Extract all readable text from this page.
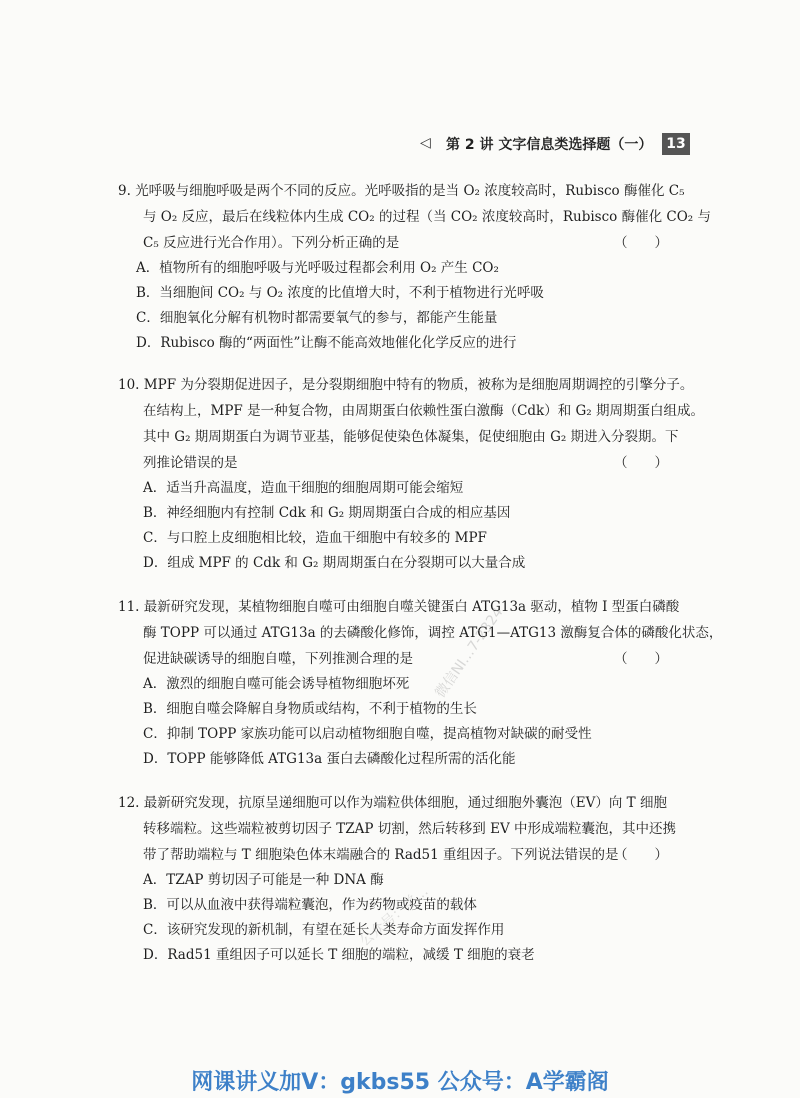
◁ 第 2 讲 文字信息类选择题（一） 13
9. 光呼吸与细胞呼吸是两个不同的反应。光呼吸指的是当 O₂ 浓度较高时，Rubisco 酶催化 C₅
与 O₂ 反应，最后在线粒体内生成 CO₂ 的过程（当 CO₂ 浓度较高时，Rubisco 酶催化 CO₂ 与
C₅ 反应进行光合作用）。下列分析正确的是	（　　）
A．植物所有的细胞呼吸与光呼吸过程都会利用 O₂ 产生 CO₂
B．当细胞间 CO₂ 与 O₂ 浓度的比值增大时，不利于植物进行光呼吸
C．细胞氧化分解有机物时都需要氧气的参与，都能产生能量
D．Rubisco 酶的“两面性”让酶不能高效地催化化学反应的进行
10. MPF 为分裂期促进因子，是分裂期细胞中特有的物质，被称为是细胞周期调控的引擎分子。
在结构上，MPF 是一种复合物，由周期蛋白依赖性蛋白激酶（Cdk）和 G₂ 期周期蛋白组成。
其中 G₂ 期周期蛋白为调节亚基，能够促使染色体凝集，促使细胞由 G₂ 期进入分裂期。下
列推论错误的是	（　　）
A．适当升高温度，造血干细胞的细胞周期可能会缩短
B．神经细胞内有控制 Cdk 和 G₂ 期周期蛋白合成的相应基因
C．与口腔上皮细胞相比较，造血干细胞中有较多的 MPF
D．组成 MPF 的 Cdk 和 G₂ 期周期蛋白在分裂期可以大量合成
11. 最新研究发现，某植物细胞自噬可由细胞自噬关键蛋白 ATG13a 驱动，植物 Ⅰ 型蛋白磷酸
酶 TOPP 可以通过 ATG13a 的去磷酸化修饰，调控 ATG1—ATG13 激酶复合体的磷酸化状态，
促进缺碳诱导的细胞自噬，下列推测合理的是	（　　）
A．激烈的细胞自噬可能会诱导植物细胞坏死
B．细胞自噬会降解自身物质或结构，不利于植物的生长
C．抑制 TOPP 家族功能可以启动植物细胞自噬，提高植物对缺碳的耐受性
D．TOPP 能够降低 ATG13a 蛋白去磷酸化过程所需的活化能
12. 最新研究发现，抗原呈递细胞可以作为端粒供体细胞，通过细胞外囊泡（EV）向 T 细胞
转移端粒。这些端粒被剪切因子 TZAP 切割，然后转移到 EV 中形成端粒囊泡，其中还携
带了帮助端粒与 T 细胞染色体末端融合的 Rad51 重组因子。下列说法错误的是
（　　）
A．TZAP 剪切因子可能是一种 DNA 酶
B．可以从血液中获得端粒囊泡，作为药物或疫苗的载体
C．该研究发现的新机制，有望在延长人类寿命方面发挥作用
D．Rad51 重组因子可以延长 T 细胞的端粒，减缓 T 细胞的衰老
微信NI…7-2324
公众号：学…
网课讲义加V：gkbs55 公众号：A学霸阁
